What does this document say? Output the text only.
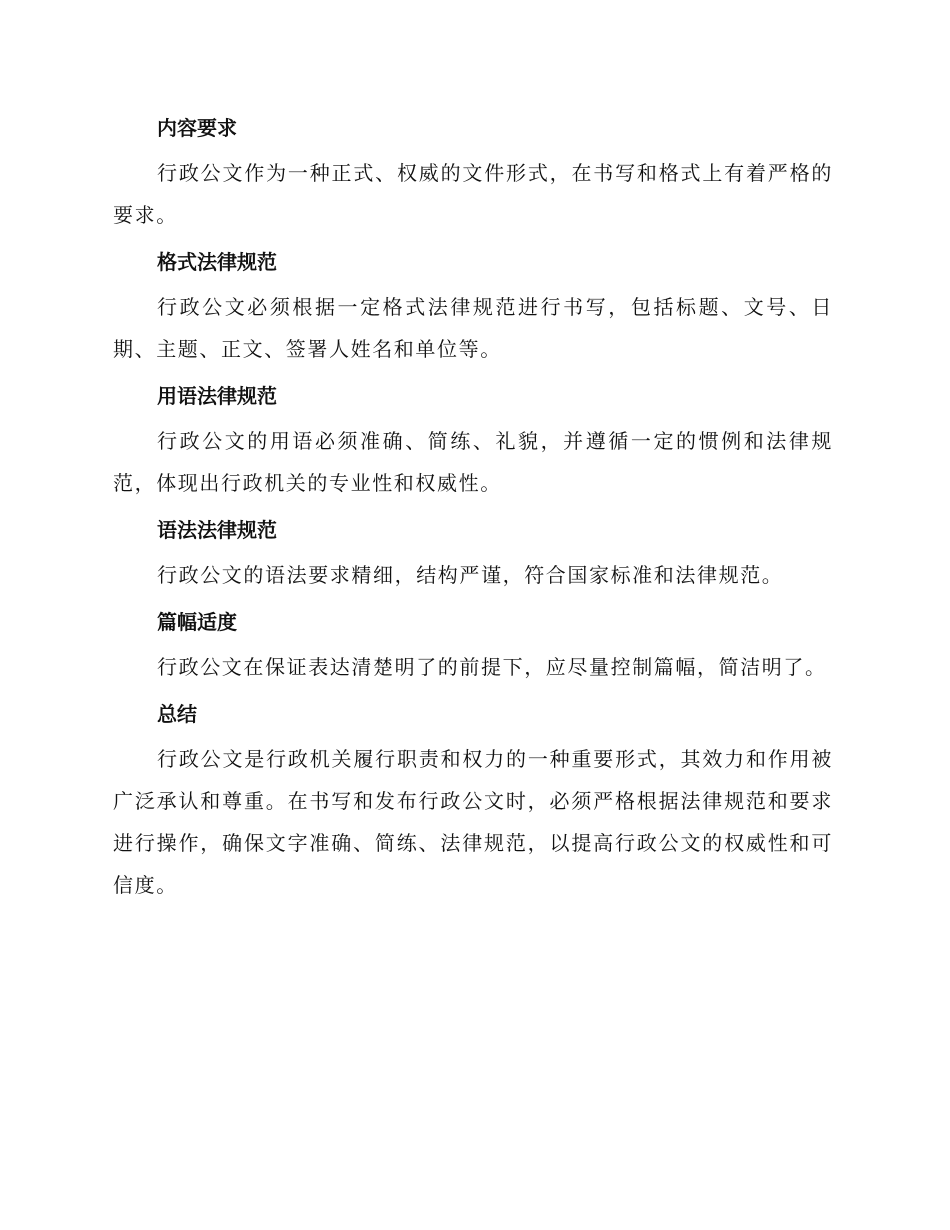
内容要求

行政公文作为一种正式、权威的文件形式，在书写和格式上有着严格的要求。

格式法律规范

行政公文必须根据一定格式法律规范进行书写，包括标题、文号、日期、主题、正文、签署人姓名和单位等。

用语法律规范

行政公文的用语必须准确、简练、礼貌，并遵循一定的惯例和法律规范，体现出行政机关的专业性和权威性。

语法法律规范

行政公文的语法要求精细，结构严谨，符合国家标准和法律规范。

篇幅适度

行政公文在保证表达清楚明了的前提下，应尽量控制篇幅，简洁明了。

总结

行政公文是行政机关履行职责和权力的一种重要形式，其效力和作用被广泛承认和尊重。在书写和发布行政公文时，必须严格根据法律规范和要求进行操作，确保文字准确、简练、法律规范，以提高行政公文的权威性和可信度。
